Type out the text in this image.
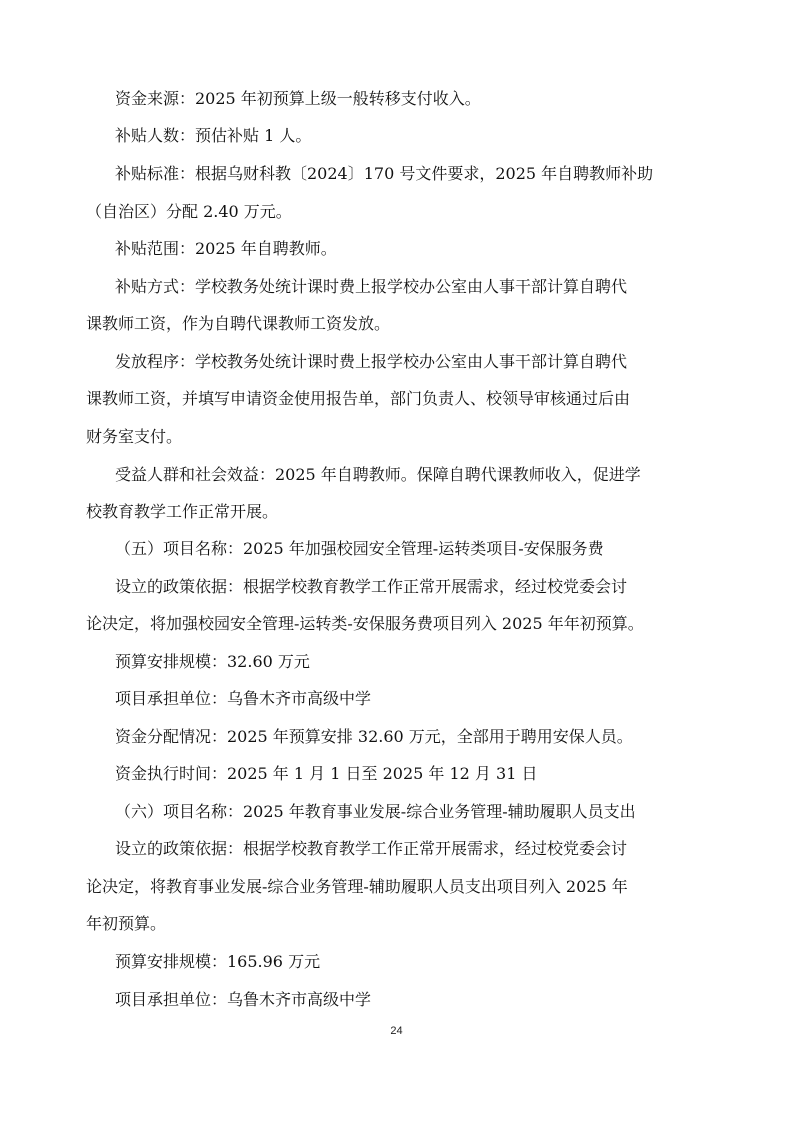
资金来源：2025 年初预算上级一般转移支付收入。
补贴人数：预估补贴 1 人。
补贴标准：根据乌财科教〔2024〕170 号文件要求，2025 年自聘教师补助
（自治区）分配 2.40 万元。
补贴范围：2025 年自聘教师。
补贴方式：学校教务处统计课时费上报学校办公室由人事干部计算自聘代
课教师工资，作为自聘代课教师工资发放。
发放程序：学校教务处统计课时费上报学校办公室由人事干部计算自聘代
课教师工资，并填写申请资金使用报告单，部门负责人、校领导审核通过后由
财务室支付。
受益人群和社会效益：2025 年自聘教师。保障自聘代课教师收入，促进学
校教育教学工作正常开展。
（五）项目名称：2025 年加强校园安全管理-运转类项目-安保服务费
设立的政策依据：根据学校教育教学工作正常开展需求，经过校党委会讨
论决定，将加强校园安全管理-运转类-安保服务费项目列入 2025 年年初预算。
预算安排规模：32.60 万元
项目承担单位：乌鲁木齐市高级中学
资金分配情况：2025 年预算安排 32.60 万元，全部用于聘用安保人员。
资金执行时间：2025 年 1 月 1 日至 2025 年 12 月 31 日
（六）项目名称：2025 年教育事业发展-综合业务管理-辅助履职人员支出
设立的政策依据：根据学校教育教学工作正常开展需求，经过校党委会讨
论决定，将教育事业发展-综合业务管理-辅助履职人员支出项目列入 2025 年
年初预算。
预算安排规模：165.96 万元
项目承担单位：乌鲁木齐市高级中学
24
